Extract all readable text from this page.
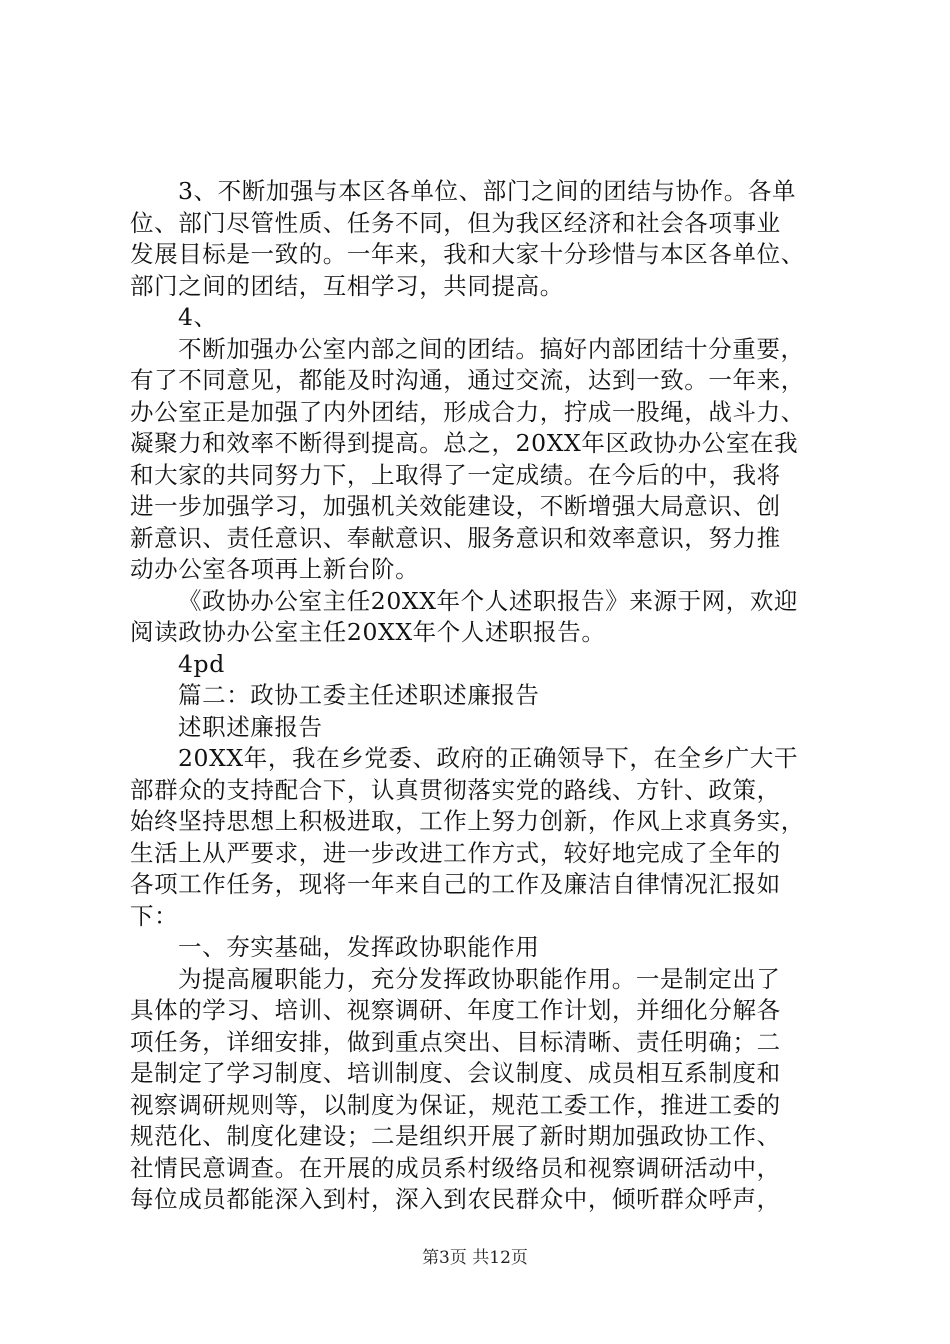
3、不断加强与本区各单位、部门之间的团结与协作。各单
位、部门尽管性质、任务不同，但为我区经济和社会各项事业
发展目标是一致的。一年来，我和大家十分珍惜与本区各单位、
部门之间的团结，互相学习，共同提高。
4、
不断加强办公室内部之间的团结。搞好内部团结十分重要，
有了不同意见，都能及时沟通，通过交流，达到一致。一年来，
办公室正是加强了内外团结，形成合力，拧成一股绳，战斗力、
凝聚力和效率不断得到提高。总之，20XX年区政协办公室在我
和大家的共同努力下，上取得了一定成绩。在今后的中，我将
进一步加强学习，加强机关效能建设，不断增强大局意识、创
新意识、责任意识、奉献意识、服务意识和效率意识，努力推
动办公室各项再上新台阶。
《政协办公室主任20XX年个人述职报告》来源于网，欢迎
阅读政协办公室主任20XX年个人述职报告。
4pd
篇二：政协工委主任述职述廉报告
述职述廉报告
20XX年，我在乡党委、政府的正确领导下，在全乡广大干
部群众的支持配合下，认真贯彻落实党的路线、方针、政策，
始终坚持思想上积极进取，工作上努力创新，作风上求真务实，
生活上从严要求，进一步改进工作方式，较好地完成了全年的
各项工作任务，现将一年来自己的工作及廉洁自律情况汇报如
下：
一、夯实基础，发挥政协职能作用
为提高履职能力，充分发挥政协职能作用。一是制定出了
具体的学习、培训、视察调研、年度工作计划，并细化分解各
项任务，详细安排，做到重点突出、目标清晰、责任明确；二
是制定了学习制度、培训制度、会议制度、成员相互系制度和
视察调研规则等，以制度为保证，规范工委工作，推进工委的
规范化、制度化建设；二是组织开展了新时期加强政协工作、
社情民意调查。在开展的成员系村级络员和视察调研活动中，
每位成员都能深入到村，深入到农民群众中，倾听群众呼声，
第3页 共12页
